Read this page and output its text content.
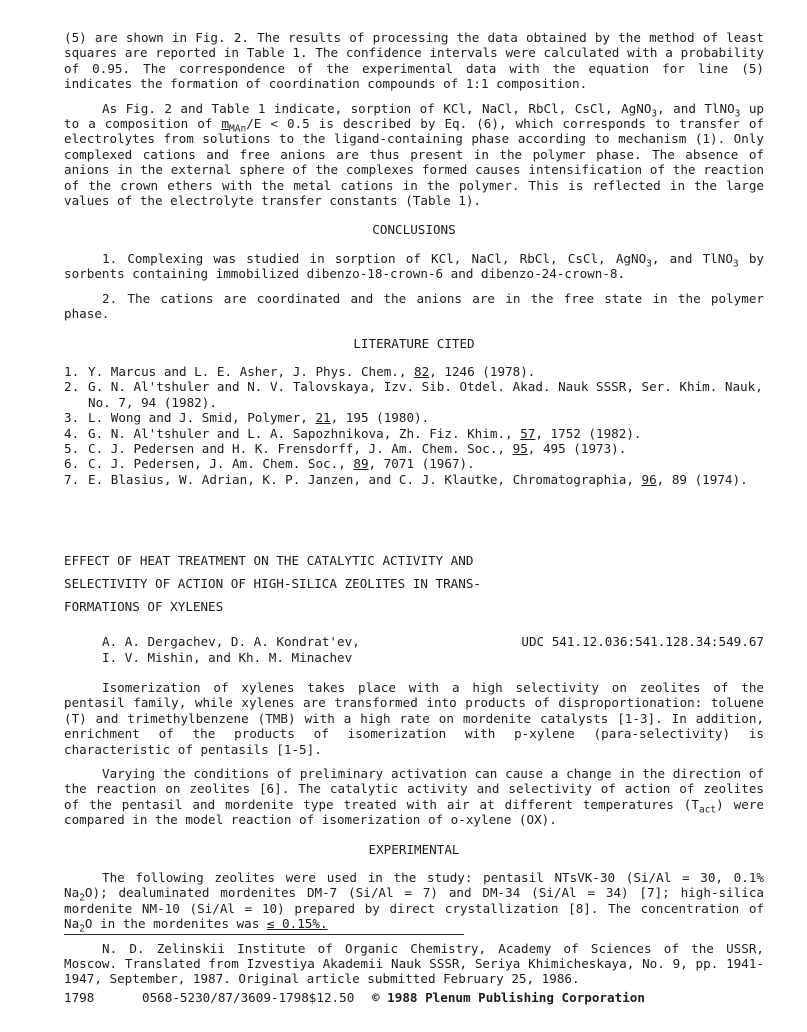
(5) are shown in Fig. 2. The results of processing the data obtained by the method of least squares are reported in Table 1. The confidence intervals were calculated with a probability of 0.95. The correspondence of the experimental data with the equation for line (5) indicates the formation of coordination compounds of 1:1 composition.

As Fig. 2 and Table 1 indicate, sorption of KCl, NaCl, RbCl, CsCl, AgNO$_3$, and TlNO$_3$ up to a composition of $m_{MAn}/E < 0.5$ is described by Eq. (6), which corresponds to transfer of electrolytes from solutions to the ligand-containing phase according to mechanism (1). Only complexed cations and free anions are thus present in the polymer phase. The absence of anions in the external sphere of the complexes formed causes intensification of the reaction of the crown ethers with the metal cations in the polymer. This is reflected in the large values of the electrolyte transfer constants (Table 1).

CONCLUSIONS

1. Complexing was studied in sorption of KCl, NaCl, RbCl, CsCl, AgNO$_3$, and TlNO$_3$ by sorbents containing immobilized dibenzo-18-crown-6 and dibenzo-24-crown-8.

2. The cations are coordinated and the anions are in the free state in the polymer phase.

LITERATURE CITED
1. Y. Marcus and L. E. Asher, J. Phys. Chem., 82, 1246 (1978).
2. G. N. Al'tshuler and N. V. Talovskaya, Izv. Sib. Otdel. Akad. Nauk SSSR, Ser. Khim. Nauk, No. 7, 94 (1982).
3. L. Wong and J. Smid, Polymer, 21, 195 (1980).
4. G. N. Al'tshuler and L. A. Sapozhnikova, Zh. Fiz. Khim., 57, 1752 (1982).
5. C. J. Pedersen and H. K. Frensdorff, J. Am. Chem. Soc., 95, 495 (1973).
6. C. J. Pedersen, J. Am. Chem. Soc., 89, 7071 (1967).
7. E. Blasius, W. Adrian, K. P. Janzen, and C. J. Klautke, Chromatographia, 96, 89 (1974).
EFFECT OF HEAT TREATMENT ON THE CATALYTIC ACTIVITY AND
SELECTIVITY OF ACTION OF HIGH-SILICA ZEOLITES IN TRANS-
FORMATIONS OF XYLENES
A. A. Dergachev, D. A. Kondrat'ev,
I. V. Mishin, and Kh. M. Minachev
UDC 541.12.036:541.128.34:549.67

Isomerization of xylenes takes place with a high selectivity on zeolites of the pentasil family, while xylenes are transformed into products of disproportionation: toluene (T) and trimethylbenzene (TMB) with a high rate on mordenite catalysts [1-3]. In addition, enrichment of the products of isomerization with p-xylene (para-selectivity) is characteristic of pentasils [1-5].

Varying the conditions of preliminary activation can cause a change in the direction of the reaction on zeolites [6]. The catalytic activity and selectivity of action of zeolites of the pentasil and mordenite type treated with air at different temperatures $(T_{act})$ were compared in the model reaction of isomerization of o-xylene (OX).

EXPERIMENTAL

The following zeolites were used in the study: pentasil NTsVK-30 (Si/Al = 30, 0.1% $Na_2O$); dealuminated mordenites DM-7 (Si/Al = 7) and DM-34 (Si/Al = 34) [7]; high-silica mordenite NM-10 (Si/Al = 10) prepared by direct crystallization [8]. The concentration of $Na_2O$ in the mordenites was ≤ 0.15%.

N. D. Zelinskii Institute of Organic Chemistry, Academy of Sciences of the USSR, Moscow. Translated from Izvestiya Akademii Nauk SSSR, Seriya Khimicheskaya, No. 9, pp. 1941-1947, September, 1987. Original article submitted February 25, 1986.

1798	0568-5230/87/3609-1798$12.50	© 1988 Plenum Publishing Corporation
